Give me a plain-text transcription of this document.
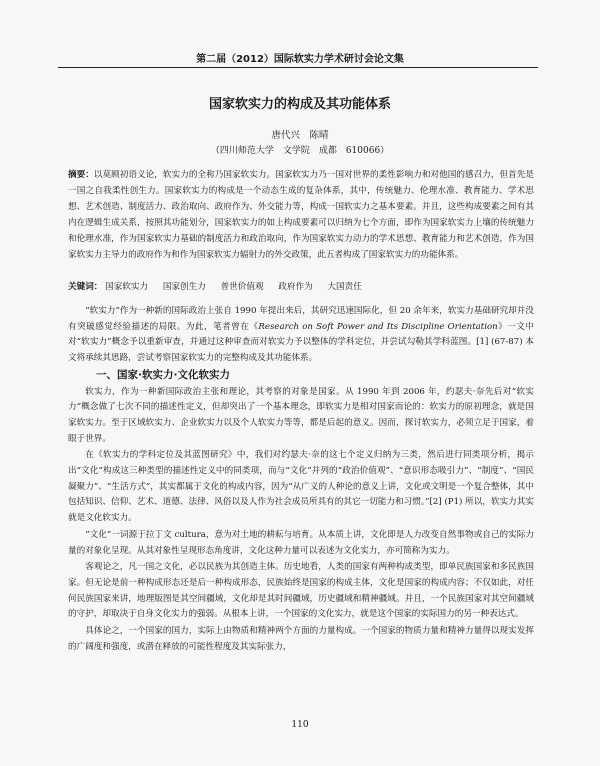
第二届（2012）国际软实力学术研讨会论文集
国家软实力的构成及其功能体系
唐代兴　陈晴
（四川师范大学　文学院　成都　610066）
摘要：以莫顾初语义论，软实力的全称乃国家软实力。国家软实力乃一国对世界的柔性影响力和对他国的感召力，但首先是一国之自我柔性创生力。国家软实力的构成是一个动态生成的复杂体系，其中，传统魅力、伦理水准、教育能力、学术思想、艺术创造、制度活力、政治取向、政府作为、外交能力等，构成一国软实力之基本要素。并且，这些构成要素之间有其内在逻辑生成关系，按照其功能划分，国家软实力的如上构成要素可以归纳为七个方面，即作为国家软实力上壤的传统魅力和伦理水准，作为国家软实力基础的制度活力和政治取向，作为国家软实力动力的学术思想、教育能力和艺术创造，作为国家软实力主导力的政府作为和作为国家软实力辐射力的外交政策，此五者构成了国家软实力的功能体系。
关键词： 国家软实力 国家创生力 普世价值观 政府作为 大国责任

“软实力”作为一种新的国际政治上张自 1990 年提出来后，其研究迅速国际化，但 20 余年来，软实力基础研究却并没有突破感觉经验描述的局限。为此，笔者曾在《Research on Soft Power and Its Discipline Orientation》一文中对“软实力”概念予以重新审查，并通过这种审查而对软实力予以整体的学科定位，并尝试勾勒其学科蓝图。[1] (67-87) 本文将承续其思路，尝试考察国家软实力的完整构成及其功能体系。

一、国家·软实力·文化软实力

软实力，作为一种新国际政治主张和理论，其考察的对象是国家。从 1990 年到 2006 年，约瑟夫·奈先后对“软实力”概念做了七次不同的描述性定义，但却突出了一个基本理念，即软实力是相对国家而论的：软实力的原初理念，就是国家软实力。至于区域软实力、企业软实力以及个人软实力等等，都是后起的意义。因而，探讨软实力，必须立足于国家，着眼于世界。

在《软实力的学科定位及其蓝图研究》中，我们对约瑟夫·奈的这七个定义归纳为三类，然后进行同类项分析，揭示出“文化”构成这三种类型的描述性定义中的同类项，而与“文化”并列的“政治价值观”、“意识形态吸引力”、“制度”、“国民凝聚力”、“生活方式”，其实都属于文化的构成内容，因为“从广义的人种论的意义上讲，文化或文明是一个复合整体，其中包括知识、信仰、艺术、道德、法律、风俗以及人作为社会成员所具有的其它一切能力和习惯。”[2] (P1) 所以，软实力其实就是文化软实力。

“文化”一词源于拉丁文 cultura，意为对土地的耕耘与培育。从本质上讲，文化即是人力改变自然事物或自己的实际力量的对象化呈现。从其对象性呈现形态角度讲，文化这种力量可以表述为文化实力，亦可简称为实力。

客观论之，凡一国之文化，必以民族为其创造主体。历史地看，人类的国家有两种构成类型，即单民族国家和多民族国家。但无论是前一种构成形态还是后一种构成形态，民族始终是国家的构成主体，文化是国家的构成内容；不仅如此，对任何民族国家来讲，地理版图是其空间疆域，文化却是其时间疆域，历史疆域和精神疆域。并且，一个民族国家对其空间疆域的守护，却取决于自身文化实力的强弱。从根本上讲，一个国家的文化实力，就是这个国家的实际国力的另一种表达式。

具体论之，一个国家的国力，实际上由物质和精神两个方面的力量构成。一个国家的物质力量和精神力量得以现实发挥的广阔度和强度，或潜在释放的可能性程度及其实际张力，

110
